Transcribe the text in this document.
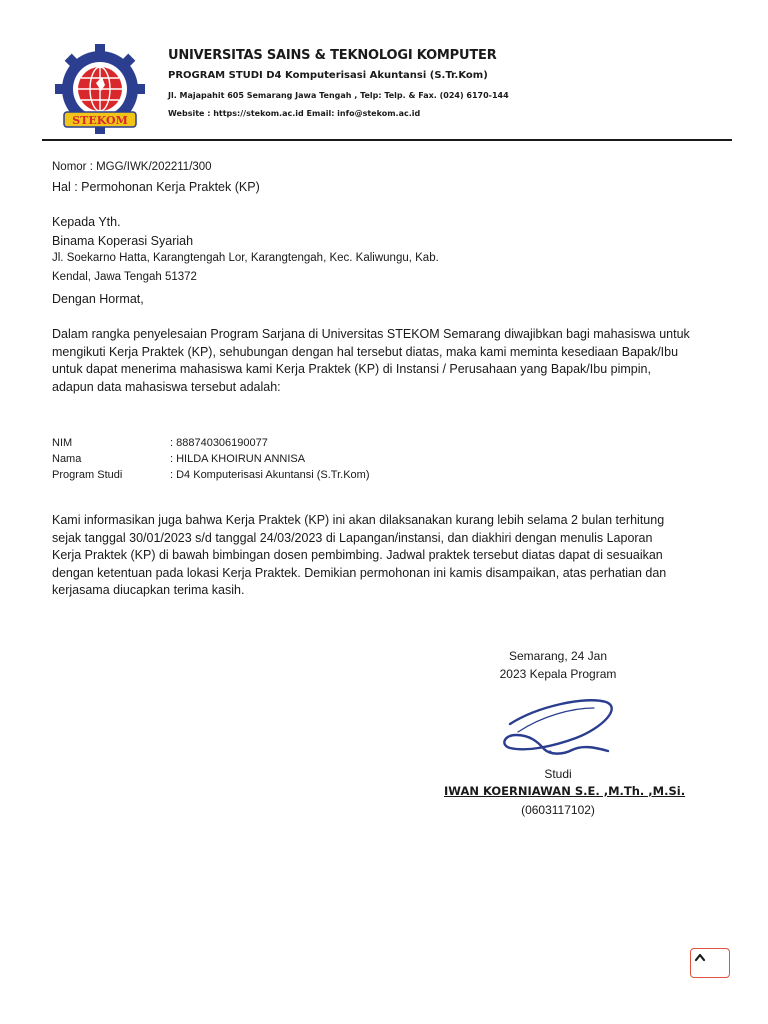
STEKOM
UNIVERSITAS SAINS & TEKNOLOGI KOMPUTER
PROGRAM STUDI D4 Komputerisasi Akuntansi (S.Tr.Kom)
Jl. Majapahit 605 Semarang Jawa Tengah , Telp: Telp. & Fax. (024) 6170-144
Website : https://stekom.ac.id Email: info@stekom.ac.id
Nomor : MGG/IWK/202211/300
Hal : Permohonan Kerja Praktek (KP)
Kepada Yth.
Binama Koperasi Syariah
Jl. Soekarno Hatta, Karangtengah Lor, Karangtengah, Kec. Kaliwungu, Kab.
Kendal, Jawa Tengah 51372
Dengan Hormat,
Dalam rangka penyelesaian Program Sarjana di Universitas STEKOM Semarang diwajibkan bagi mahasiswa untuk
mengikuti Kerja Praktek (KP), sehubungan dengan hal tersebut diatas, maka kami meminta kesediaan Bapak/Ibu
untuk dapat menerima mahasiswa kami Kerja Praktek (KP) di Instansi / Perusahaan yang Bapak/Ibu pimpin,
adapun data mahasiswa tersebut adalah:
NIM	: 888740306190077
Nama	: HILDA KHOIRUN ANNISA
Program Studi	: D4 Komputerisasi Akuntansi (S.Tr.Kom)
Kami informasikan juga bahwa Kerja Praktek (KP) ini akan dilaksanakan kurang lebih selama 2 bulan terhitung
sejak tanggal 30/01/2023 s/d tanggal 24/03/2023 di Lapangan/instansi, dan diakhiri dengan menulis Laporan
Kerja Praktek (KP) di bawah bimbingan dosen pembimbing. Jadwal praktek tersebut diatas dapat di sesuaikan
dengan ketentuan pada lokasi Kerja Praktek. Demikian permohonan ini kamis disampaikan, atas perhatian dan
kerjasama diucapkan terima kasih.
Semarang, 24 Jan
2023 Kepala Program
Studi
IWAN KOERNIAWAN S.E. ,M.Th. ,M.Si.
(0603117102)
